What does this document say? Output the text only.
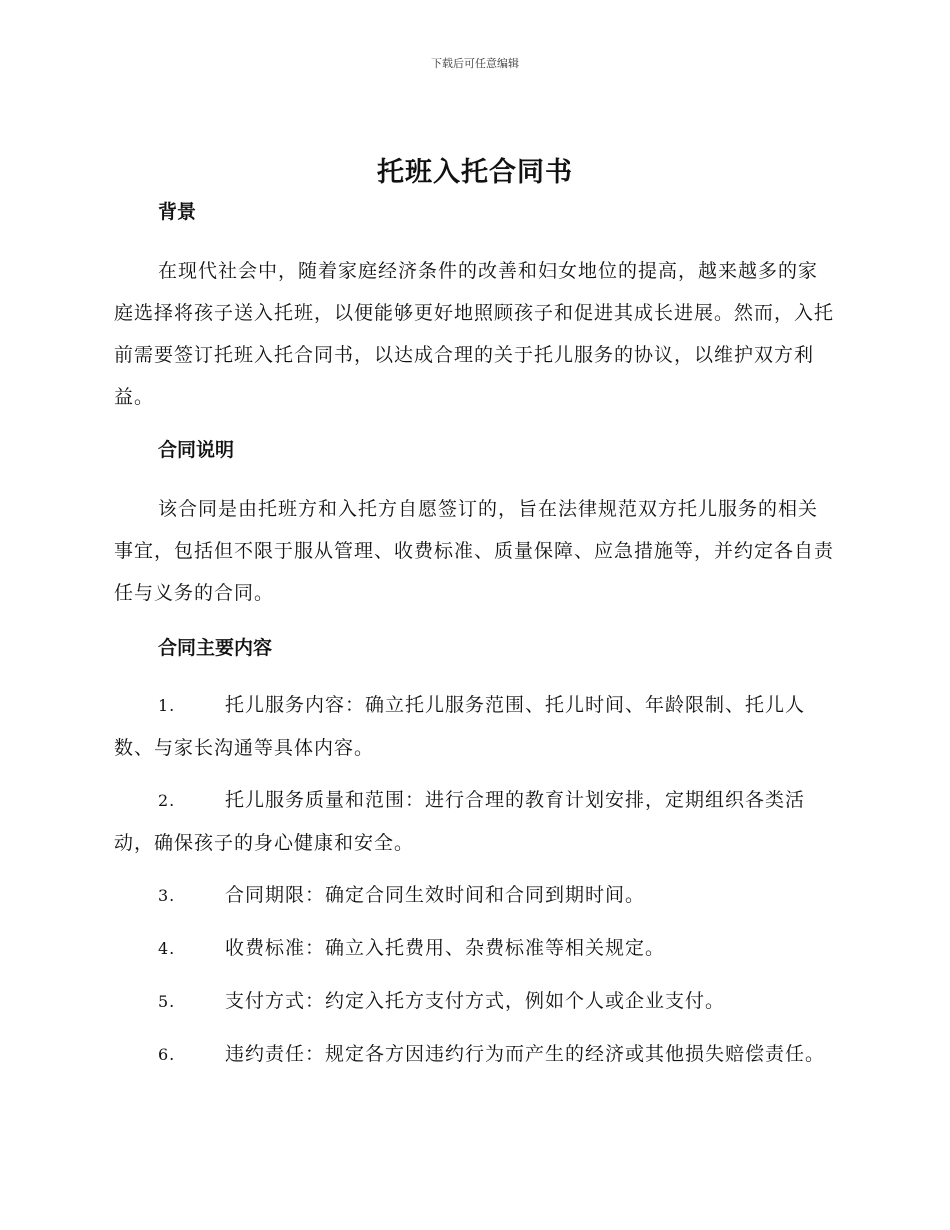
下载后可任意编辑
托班入托合同书
背景

在现代社会中，随着家庭经济条件的改善和妇女地位的提高，越来越多的家庭选择将孩子送入托班，以便能够更好地照顾孩子和促进其成长进展。然而，入托前需要签订托班入托合同书，以达成合理的关于托儿服务的协议，以维护双方利益。

合同说明

该合同是由托班方和入托方自愿签订的，旨在法律规范双方托儿服务的相关事宜，包括但不限于服从管理、收费标准、质量保障、应急措施等，并约定各自责任与义务的合同。

合同主要内容

1.	托儿服务内容：确立托儿服务范围、托儿时间、年龄限制、托儿人数、与家长沟通等具体内容。

2.	托儿服务质量和范围：进行合理的教育计划安排，定期组织各类活动，确保孩子的身心健康和安全。

3.	合同期限：确定合同生效时间和合同到期时间。

4.	收费标准：确立入托费用、杂费标准等相关规定。

5.	支付方式：约定入托方支付方式，例如个人或企业支付。

6.	违约责任：规定各方因违约行为而产生的经济或其他损失赔偿责任。
